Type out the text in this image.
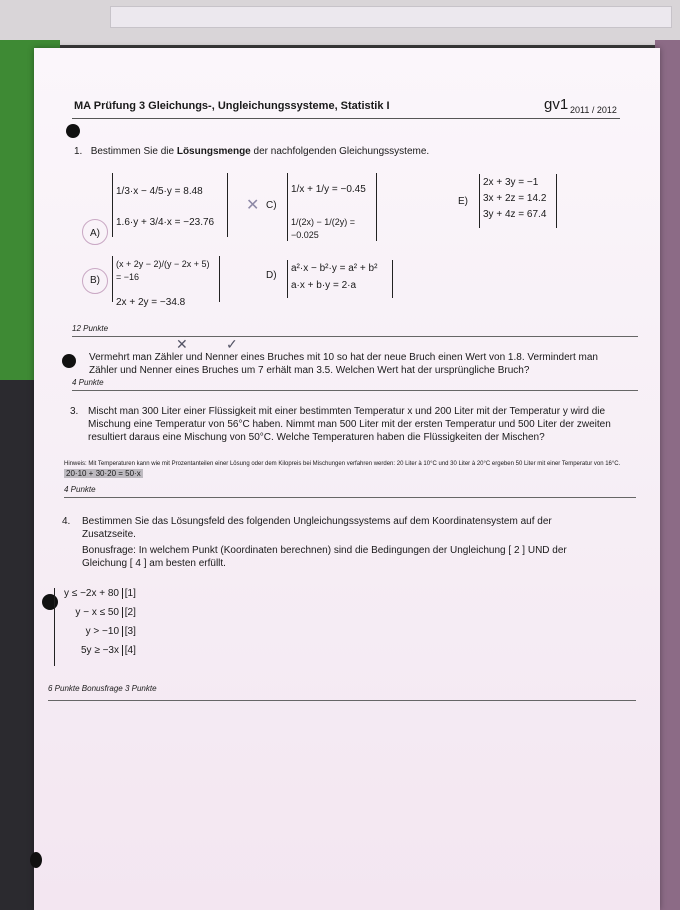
MA Prüfung 3 Gleichungs-, Ungleichungssysteme, Statistik I	gv1 2011 / 2012
1. Bestimmen Sie die Lösungsmenge der nachfolgenden Gleichungssysteme.
A)
1/3·x − 4/5·y = 8.48
1.6·y + 3/4·x = −23.76
B)
(x + 2y − 2)/(y − 2x + 5) = −16
2x + 2y = −34.8
✕ C)
1/x + 1/y = −0.45
1/(2x) − 1/(2y) = −0.025
D)
a²·x − b²·y = a² + b²
a·x + b·y = 2·a
E)
2x + 3y = −1
3x + 2z = 14.2
3y + 4z = 67.4
12 Punkte
✕	✓
Vermehrt man Zähler und Nenner eines Bruches mit 10 so hat der neue Bruch einen Wert von 1.8. Vermindert man Zähler und Nenner eines Bruches um 7 erhält man 3.5. Welchen Wert hat der ursprüngliche Bruch?
4 Punkte
3. Mischt man 300 Liter einer Flüssigkeit mit einer bestimmten Temperatur x und 200 Liter mit der Temperatur y wird die Mischung eine Temperatur von 56°C haben. Nimmt man 500 Liter mit der ersten Temperatur und 500 Liter der zweiten resultiert daraus eine Mischung von 50°C. Welche Temperaturen haben die Flüssigkeiten der Mischen?
Hinweis: Mit Temperaturen kann wie mit Prozentanteilen einer Lösung oder dem Kilopreis bei Mischungen verfahren werden: 20 Liter à 10°C und 30 Liter à 20°C ergeben 50 Liter mit einer Temperatur von 16°C. 20·10 + 30·20 = 50·x
4 Punkte
4. Bestimmen Sie das Lösungsfeld des folgenden Ungleichungssystems auf dem Koordinatensystem auf der Zusatzseite.
Bonusfrage: In welchem Punkt (Koordinaten berechnen) sind die Bedingungen der Ungleichung [ 2 ] UND der Gleichung [ 4 ] am besten erfüllt.
y ≤ −2x + 80 [1]
y − x ≤ 50 [2]
y > −10 [3]
5y ≥ −3x [4]
6 Punkte Bonusfrage 3 Punkte
